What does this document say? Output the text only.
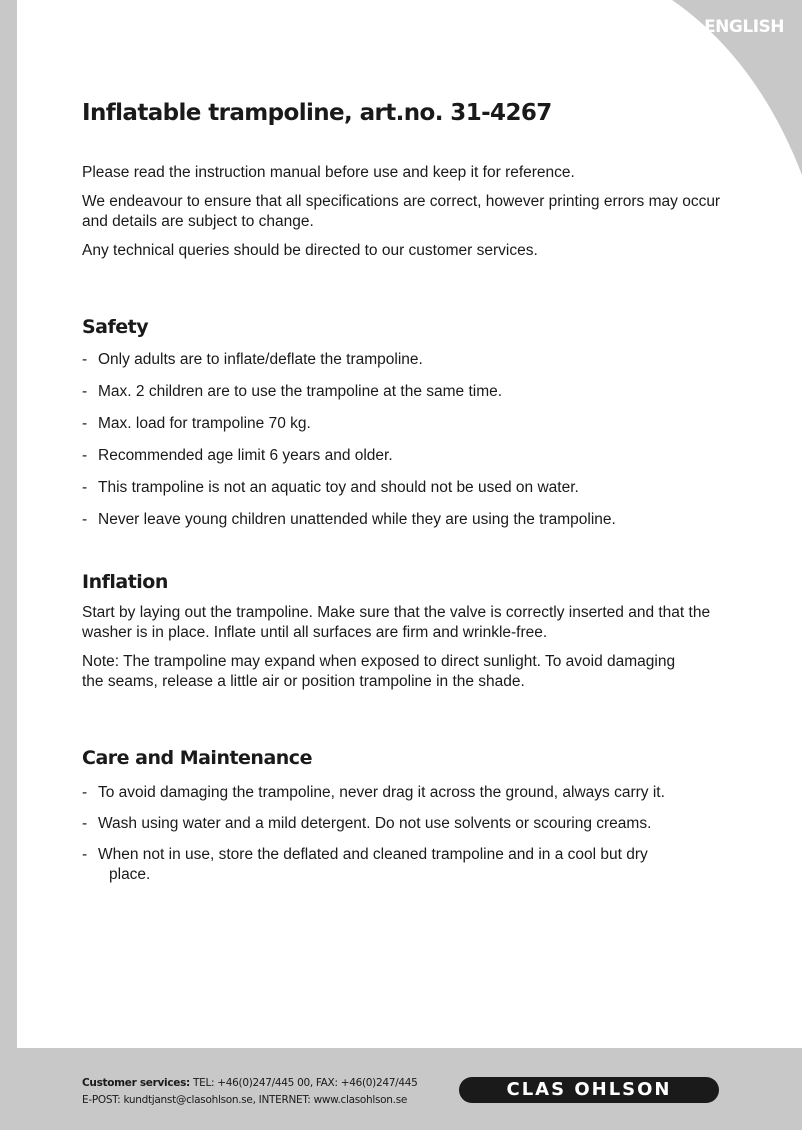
ENGLISH
Inflatable trampoline, art.no. 31-4267

Please read the instruction manual before use and keep it for reference.

We endeavour to ensure that all specifications are correct, however printing errors may occur and details are subject to change.

Any technical queries should be directed to our customer services.

Safety
- Only adults are to inflate/deflate the trampoline.
- Max. 2 children are to use the trampoline at the same time.
- Max. load for trampoline 70 kg.
- Recommended age limit 6 years and older.
- This trampoline is not an aquatic toy and should not be used on water.
- Never leave young children unattended while they are using the trampoline.
Inflation

Start by laying out the trampoline. Make sure that the valve is correctly inserted and that the washer is in place. Inflate until all surfaces are firm and wrinkle-free.

Note: The trampoline may expand when exposed to direct sunlight. To avoid damaging the seams, release a little air or position trampoline in the shade.

Care and Maintenance
- To avoid damaging the trampoline, never drag it across the ground, always carry it.
- Wash using water and a mild detergent. Do not use solvents or scouring creams.
- When not in use, store the deflated and cleaned trampoline and in a cool but dry
place.
Customer services: TEL: +46(0)247/445 00, FAX: +46(0)247/445
E-POST: kundtjanst@clasohlson.se, INTERNET: www.clasohlson.se	CLAS OHLSON
